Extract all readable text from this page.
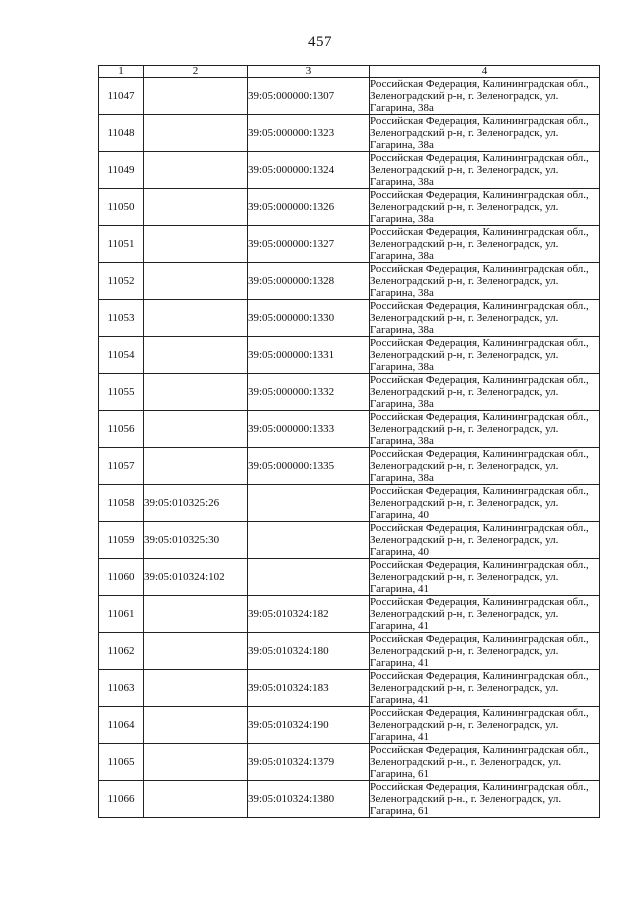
457
1	2	3	4
11047		39:05:000000:1307	Российская Федерация, Калининградская обл.,
Зеленоградский р-н, г. Зеленоградск, ул.
Гагарина, 38а

11048		39:05:000000:1323	Российская Федерация, Калининградская обл.,
Зеленоградский р-н, г. Зеленоградск, ул.
Гагарина, 38а

11049		39:05:000000:1324	Российская Федерация, Калининградская обл.,
Зеленоградский р-н, г. Зеленоградск, ул.
Гагарина, 38а

11050		39:05:000000:1326	Российская Федерация, Калининградская обл.,
Зеленоградский р-н, г. Зеленоградск, ул.
Гагарина, 38а

11051		39:05:000000:1327	Российская Федерация, Калининградская обл.,
Зеленоградский р-н, г. Зеленоградск, ул.
Гагарина, 38а

11052		39:05:000000:1328	Российская Федерация, Калининградская обл.,
Зеленоградский р-н, г. Зеленоградск, ул.
Гагарина, 38а

11053		39:05:000000:1330	Российская Федерация, Калининградская обл.,
Зеленоградский р-н, г. Зеленоградск, ул.
Гагарина, 38а

11054		39:05:000000:1331	Российская Федерация, Калининградская обл.,
Зеленоградский р-н, г. Зеленоградск, ул.
Гагарина, 38а

11055		39:05:000000:1332	Российская Федерация, Калининградская обл.,
Зеленоградский р-н, г. Зеленоградск, ул.
Гагарина, 38а

11056		39:05:000000:1333	Российская Федерация, Калининградская обл.,
Зеленоградский р-н, г. Зеленоградск, ул.
Гагарина, 38а

11057		39:05:000000:1335	Российская Федерация, Калининградская обл.,
Зеленоградский р-н, г. Зеленоградск, ул.
Гагарина, 38а

11058	39:05:010325:26		Российская Федерация, Калининградская обл.,
Зеленоградский р-н, г. Зеленоградск, ул.
Гагарина, 40

11059	39:05:010325:30		Российская Федерация, Калининградская обл.,
Зеленоградский р-н, г. Зеленоградск, ул.
Гагарина, 40

11060	39:05:010324:102		Российская Федерация, Калининградская обл.,
Зеленоградский р-н, г. Зеленоградск, ул.
Гагарина, 41

11061		39:05:010324:182	Российская Федерация, Калининградская обл.,
Зеленоградский р-н, г. Зеленоградск, ул.
Гагарина, 41

11062		39:05:010324:180	Российская Федерация, Калининградская обл.,
Зеленоградский р-н, г. Зеленоградск, ул.
Гагарина, 41

11063		39:05:010324:183	Российская Федерация, Калининградская обл.,
Зеленоградский р-н, г. Зеленоградск, ул.
Гагарина, 41

11064		39:05:010324:190	Российская Федерация, Калининградская обл.,
Зеленоградский р-н, г. Зеленоградск, ул.
Гагарина, 41

11065		39:05:010324:1379	Российская Федерация, Калининградская обл.,
Зеленоградский р-н., г. Зеленоградск, ул.
Гагарина, 61

11066		39:05:010324:1380	Российская Федерация, Калининградская обл.,
Зеленоградский р-н., г. Зеленоградск, ул.
Гагарина, 61
